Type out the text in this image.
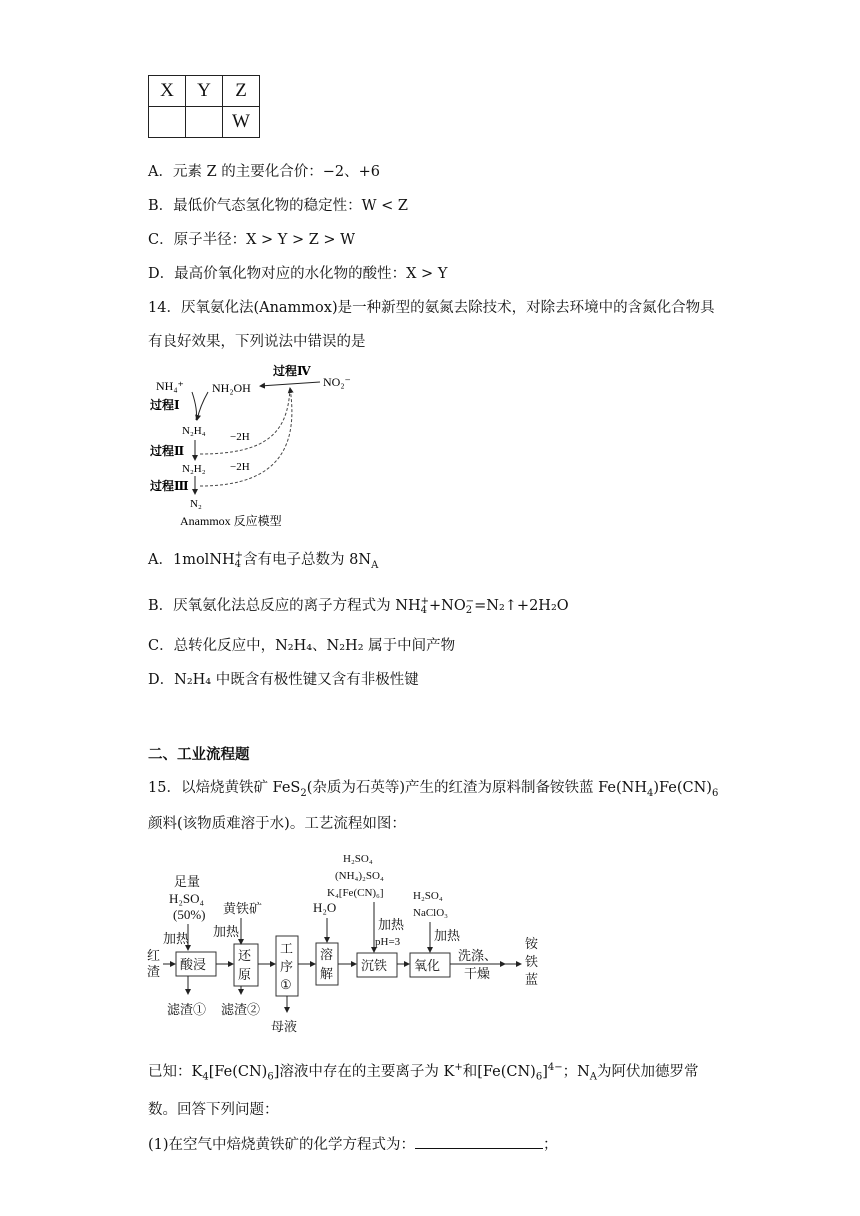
X	Y	Z
		W
A．元素 Z 的主要化合价：−2、+6
B．最低价气态氢化物的稳定性：W < Z
C．原子半径：X > Y > Z > W
D．最高价氧化物对应的水化物的酸性：X > Y
14．厌氧氨化法(Anammox)是一种新型的氨氮去除技术，对除去环境中的含氮化合物具
有良好效果，下列说法中错误的是
NH₄⁺ NH₂OH	NO₂⁻
过程Ⅳ
过程Ⅰ
N₂H₄
过程Ⅱ
−2H
N₂H₂ −2H
过程Ⅲ
N₂
Anammox 反应模型
A．1molNH +
4 含有电子总数为 $8N_A$
B．厌氧氨化法总反应的离子方程式为 NH +
4 +NO −
2 =N₂↑+2H₂O
C．总转化反应中，N₂H₄、N₂H₂ 属于中间产物
D．N₂H₄ 中既含有极性键又含有非极性键
二、工业流程题
15．以焙烧黄铁矿 FeS$_2$(杂质为石英等)产生的红渣为原料制备铵铁蓝 $Fe(NH_4)Fe(CN)_6$
颜料(该物质难溶于水)。工艺流程如图：
足量
H₂SO₄
(50%)
加热
红
渣 酸浸
滤渣①
黄铁矿
加热
还
原
滤渣②
工
序
①
母液
H₂O
溶
解
H₂SO₄
(NH₄)₂SO₄
K₄[Fe(CN)₆]
加热
pH=3
沉铁
H₂SO₄
NaClO₃
加热
氧化
洗涤、
干燥
铵
铁
蓝
已知：$K_4[Fe(CN)_6]$溶液中存在的主要离子为 K+和$[Fe(CN)_6]^{4-}$；$N_A$为阿伏加德罗常
数。回答下列问题：
(1)在空气中焙烧黄铁矿的化学方程式为：	；
